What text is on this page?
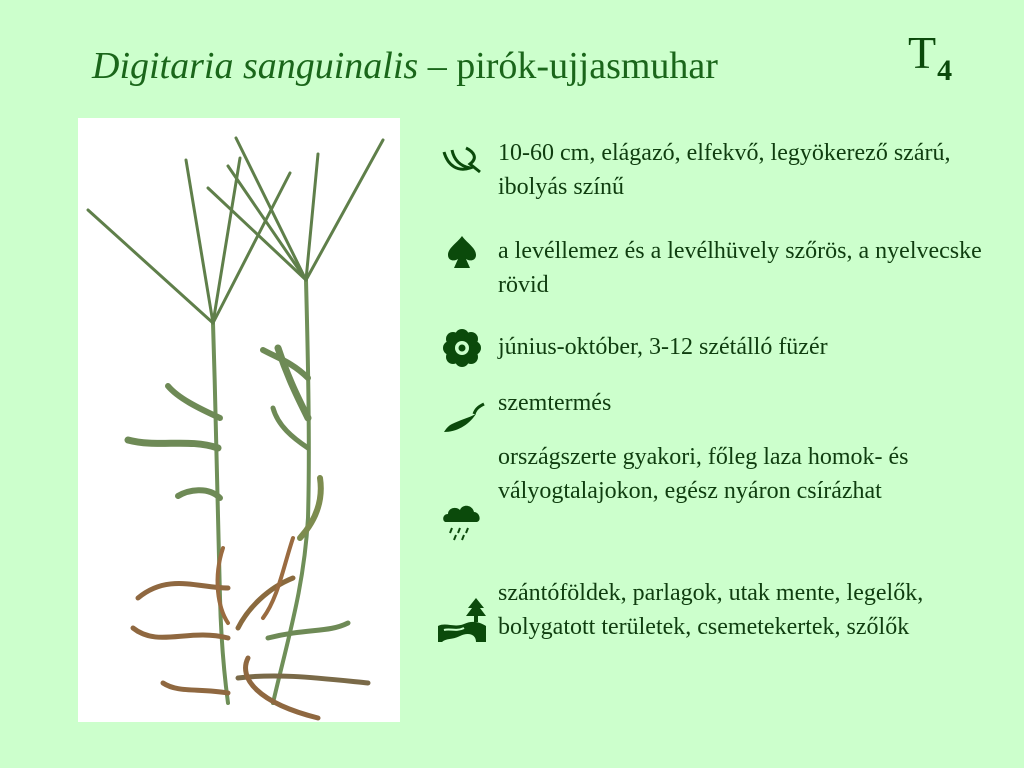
Digitaria sanguinalis – pirók-ujjasmuhar	$T_4$
10-60 cm, elágazó, elfekvő, legyökerező szárú, ibolyás színű
a levéllemez és a levélhüvely szőrös, a nyelvecske rövid
június-október, 3-12 szétálló füzér
szemtermés
országszerte gyakori, főleg laza homok- és vályogtalajokon, egész nyáron csírázhat
szántóföldek, parlagok, utak mente, legelők, bolygatott területek, csemetekertek, szőlők
